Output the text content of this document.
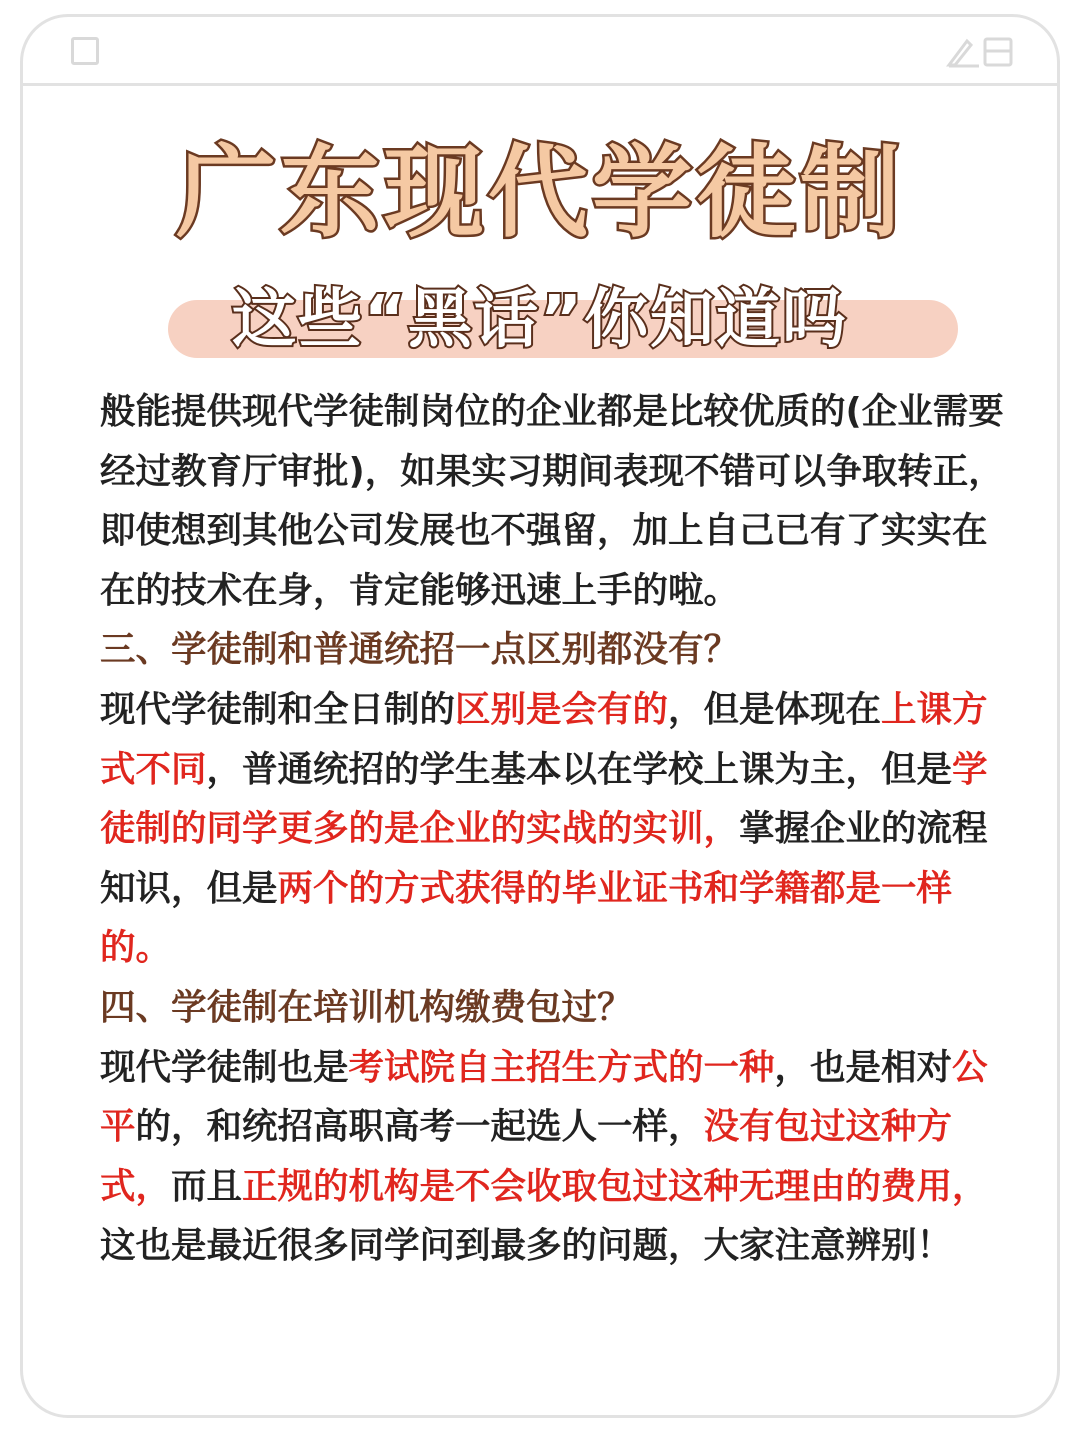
广东现代学徒制
这些“黑话”你知道吗

般能提供现代学徒制岗位的企业都是比较优质的(企业需要经过教育厅审批)，如果实习期间表现不错可以争取转正，即使想到其他公司发展也不强留，加上自己已有了实实在在的技术在身，肯定能够迅速上手的啦。

三、学徒制和普通统招一点区别都没有？

现代学徒制和全日制的区别是会有的，但是体现在上课方式不同，普通统招的学生基本以在学校上课为主，但是学徒制的同学更多的是企业的实战的实训，掌握企业的流程知识，但是两个的方式获得的毕业证书和学籍都是一样的。

四、学徒制在培训机构缴费包过？

现代学徒制也是考试院自主招生方式的一种，也是相对公平的，和统招高职高考一起选人一样，没有包过这种方式，而且正规的机构是不会收取包过这种无理由的费用，这也是最近很多同学问到最多的问题，大家注意辨别！
